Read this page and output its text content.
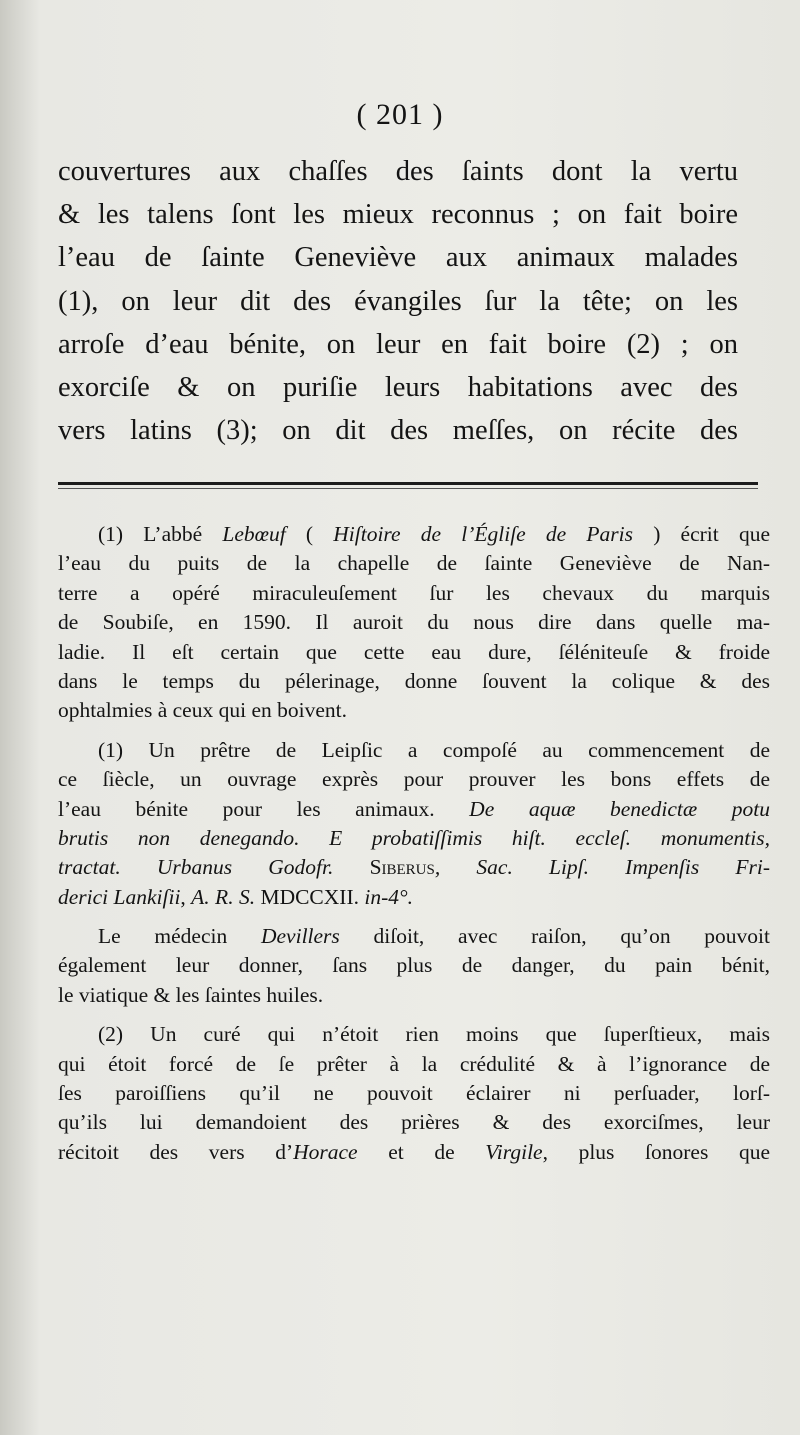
( 201 )
couvertures aux chaſſes des ſaints dont la vertu
& les talens ſont les mieux reconnus ; on fait boire
l’eau de ſainte Geneviève aux animaux malades
(1), on leur dit des évangiles ſur la tête; on les
arroſe d’eau bénite, on leur en fait boire (2) ; on
exorciſe & on puriſie leurs habitations avec des
vers latins (3); on dit des meſſes, on récite des
(1) L’abbé Lebœuf ( Hiſtoire de l’Égliſe de Paris ) écrit que
l’eau du puits de la chapelle de ſainte Geneviève de Nan-
terre a opéré miraculeuſement ſur les chevaux du marquis
de Soubiſe, en 1590. Il auroit du nous dire dans quelle ma-
ladie. Il eſt certain que cette eau dure, ſéléniteuſe & froide
dans le temps du pélerinage, donne ſouvent la colique & des
ophtalmies à ceux qui en boivent.
(1) Un prêtre de Leipſic a compoſé au commencement de
ce ſiècle, un ouvrage exprès pour prouver les bons effets de
l’eau bénite pour les animaux. De aquæ benedictæ potu
brutis non denegando. E probatiſſimis hiſt. eccleſ. monumentis,
tractat. Urbanus Godofr. Siberus, Sac. Lipſ. Impenſis Fri-
derici Lankiſii, A. R. S. MDCCXII. in-4°.
Le médecin Devillers diſoit, avec raiſon, qu’on pouvoit
également leur donner, ſans plus de danger, du pain bénit,
le viatique & les ſaintes huiles.
(2) Un curé qui n’étoit rien moins que ſuperſtieux, mais
qui étoit forcé de ſe prêter à la crédulité & à l’ignorance de
ſes paroiſſiens qu’il ne pouvoit éclairer ni perſuader, lorſ-
qu’ils lui demandoient des prières & des exorciſmes, leur
récitoit des vers d’Horace et de Virgile, plus ſonores que
